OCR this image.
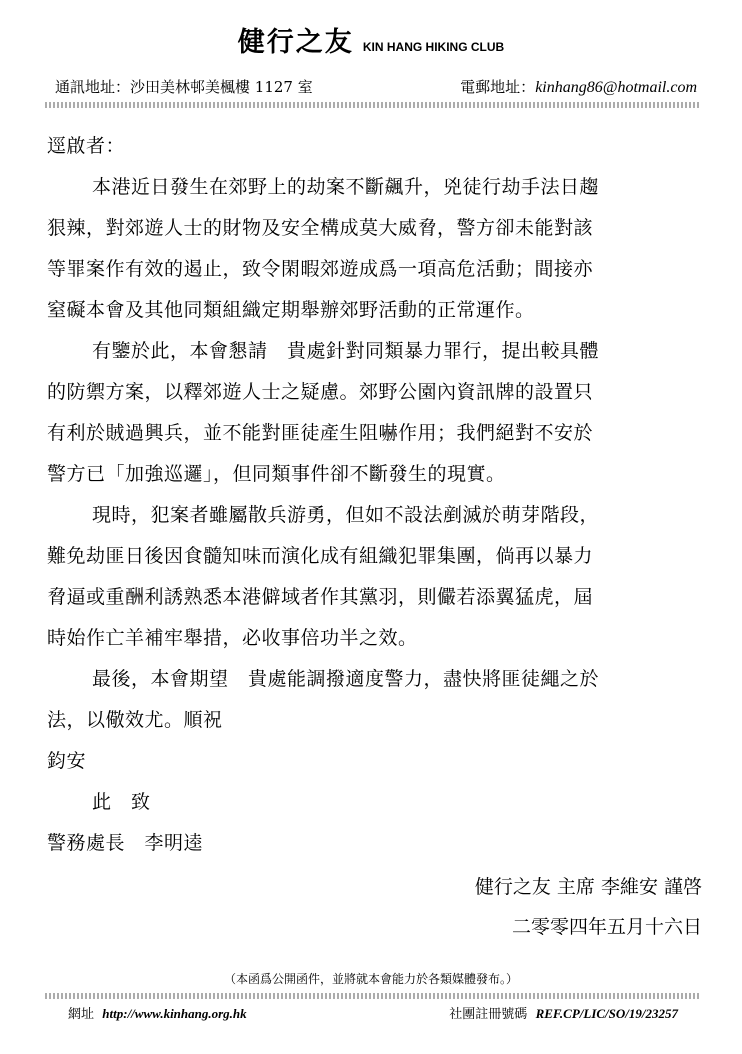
健行之友 KIN HANG HIKING CLUB
通訊地址：沙田美林邨美楓樓 1127 室	電郵地址：kinhang86@hotmail.com
逕啟者：
本港近日發生在郊野上的劫案不斷飆升，兇徒行劫手法日趨
狠辣，對郊遊人士的財物及安全構成莫大威脅，警方卻未能對該
等罪案作有效的遏止，致令閑暇郊遊成爲一項高危活動；間接亦
窒礙本會及其他同類組織定期舉辦郊野活動的正常運作。
有鑒於此，本會懇請　貴處針對同類暴力罪行，提出較具體
的防禦方案，以釋郊遊人士之疑慮。郊野公園內資訊牌的設置只
有利於賊過興兵，並不能對匪徒產生阻嚇作用；我們絕對不安於
警方已「加強巡邏」，但同類事件卻不斷發生的現實。
現時，犯案者雖屬散兵游勇，但如不設法剷滅於萌芽階段，
難免劫匪日後因食髓知味而演化成有組織犯罪集團，倘再以暴力
脅逼或重酬利誘熟悉本港僻域者作其黨羽，則儼若添翼猛虎，屆
時始作亡羊補牢舉措，必收事倍功半之效。
最後，本會期望　貴處能調撥適度警力，盡快將匪徒繩之於
法，以儆效尤。順祝
鈞安
此　致
警務處長　李明逵
健行之友 主席 李維安 謹啓
二零零四年五月十六日
（本函爲公開函件，並將就本會能力於各類媒體發布。）
網址 http://www.kinhang.org.hk	社團註冊號碼 REF.CP/LIC/SO/19/23257
